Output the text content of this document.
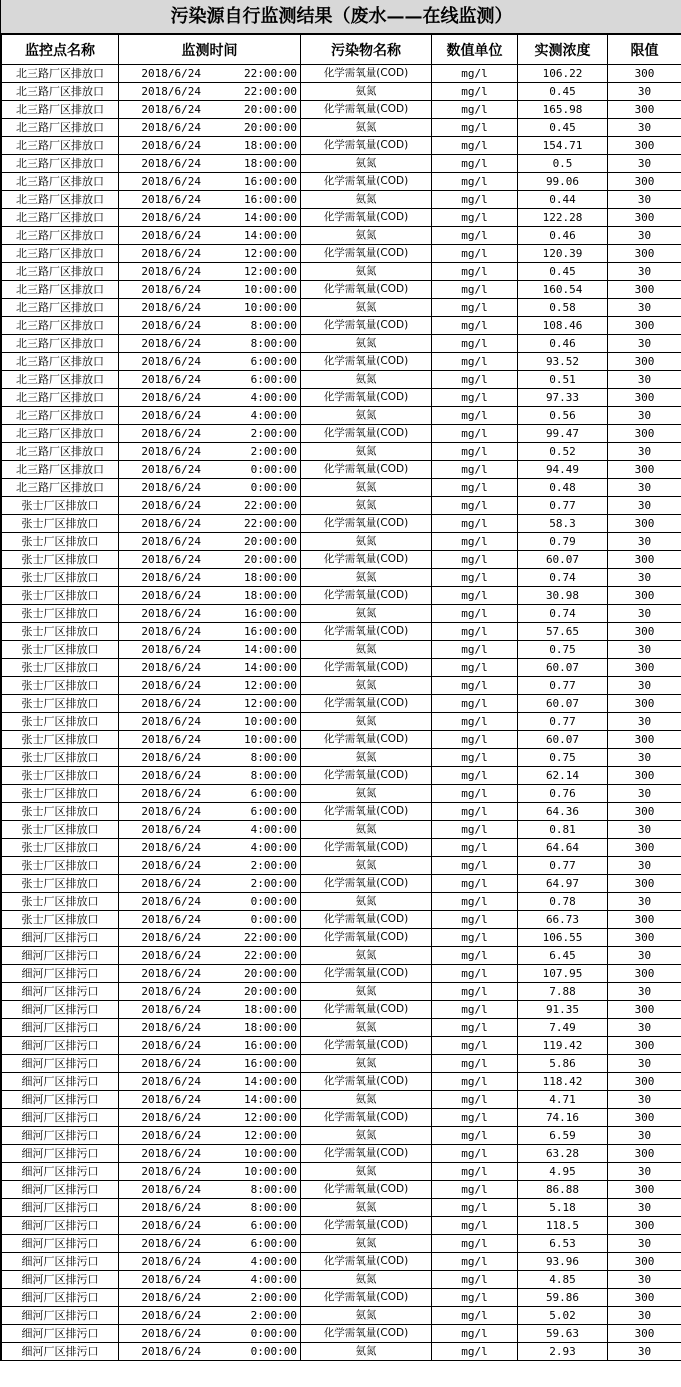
污染源自行监测结果（废水——在线监测）
监控点名称	监测时间	污染物名称	数值单位	实测浓度	限值
北三路厂区排放口	2018/6/24 22:00:00	化学需氧量(COD)	mg/l	106.22	300
北三路厂区排放口	2018/6/24 22:00:00	氨氮	mg/l	0.45	30
北三路厂区排放口	2018/6/24 20:00:00	化学需氧量(COD)	mg/l	165.98	300
北三路厂区排放口	2018/6/24 20:00:00	氨氮	mg/l	0.45	30
北三路厂区排放口	2018/6/24 18:00:00	化学需氧量(COD)	mg/l	154.71	300
北三路厂区排放口	2018/6/24 18:00:00	氨氮	mg/l	0.5	30
北三路厂区排放口	2018/6/24 16:00:00	化学需氧量(COD)	mg/l	99.06	300
北三路厂区排放口	2018/6/24 16:00:00	氨氮	mg/l	0.44	30
北三路厂区排放口	2018/6/24 14:00:00	化学需氧量(COD)	mg/l	122.28	300
北三路厂区排放口	2018/6/24 14:00:00	氨氮	mg/l	0.46	30
北三路厂区排放口	2018/6/24 12:00:00	化学需氧量(COD)	mg/l	120.39	300
北三路厂区排放口	2018/6/24 12:00:00	氨氮	mg/l	0.45	30
北三路厂区排放口	2018/6/24 10:00:00	化学需氧量(COD)	mg/l	160.54	300
北三路厂区排放口	2018/6/24 10:00:00	氨氮	mg/l	0.58	30
北三路厂区排放口	2018/6/24 8:00:00	化学需氧量(COD)	mg/l	108.46	300
北三路厂区排放口	2018/6/24 8:00:00	氨氮	mg/l	0.46	30
北三路厂区排放口	2018/6/24 6:00:00	化学需氧量(COD)	mg/l	93.52	300
北三路厂区排放口	2018/6/24 6:00:00	氨氮	mg/l	0.51	30
北三路厂区排放口	2018/6/24 4:00:00	化学需氧量(COD)	mg/l	97.33	300
北三路厂区排放口	2018/6/24 4:00:00	氨氮	mg/l	0.56	30
北三路厂区排放口	2018/6/24 2:00:00	化学需氧量(COD)	mg/l	99.47	300
北三路厂区排放口	2018/6/24 2:00:00	氨氮	mg/l	0.52	30
北三路厂区排放口	2018/6/24 0:00:00	化学需氧量(COD)	mg/l	94.49	300
北三路厂区排放口	2018/6/24 0:00:00	氨氮	mg/l	0.48	30
张士厂区排放口	2018/6/24 22:00:00	氨氮	mg/l	0.77	30
张士厂区排放口	2018/6/24 22:00:00	化学需氧量(COD)	mg/l	58.3	300
张士厂区排放口	2018/6/24 20:00:00	氨氮	mg/l	0.79	30
张士厂区排放口	2018/6/24 20:00:00	化学需氧量(COD)	mg/l	60.07	300
张士厂区排放口	2018/6/24 18:00:00	氨氮	mg/l	0.74	30
张士厂区排放口	2018/6/24 18:00:00	化学需氧量(COD)	mg/l	30.98	300
张士厂区排放口	2018/6/24 16:00:00	氨氮	mg/l	0.74	30
张士厂区排放口	2018/6/24 16:00:00	化学需氧量(COD)	mg/l	57.65	300
张士厂区排放口	2018/6/24 14:00:00	氨氮	mg/l	0.75	30
张士厂区排放口	2018/6/24 14:00:00	化学需氧量(COD)	mg/l	60.07	300
张士厂区排放口	2018/6/24 12:00:00	氨氮	mg/l	0.77	30
张士厂区排放口	2018/6/24 12:00:00	化学需氧量(COD)	mg/l	60.07	300
张士厂区排放口	2018/6/24 10:00:00	氨氮	mg/l	0.77	30
张士厂区排放口	2018/6/24 10:00:00	化学需氧量(COD)	mg/l	60.07	300
张士厂区排放口	2018/6/24 8:00:00	氨氮	mg/l	0.75	30
张士厂区排放口	2018/6/24 8:00:00	化学需氧量(COD)	mg/l	62.14	300
张士厂区排放口	2018/6/24 6:00:00	氨氮	mg/l	0.76	30
张士厂区排放口	2018/6/24 6:00:00	化学需氧量(COD)	mg/l	64.36	300
张士厂区排放口	2018/6/24 4:00:00	氨氮	mg/l	0.81	30
张士厂区排放口	2018/6/24 4:00:00	化学需氧量(COD)	mg/l	64.64	300
张士厂区排放口	2018/6/24 2:00:00	氨氮	mg/l	0.77	30
张士厂区排放口	2018/6/24 2:00:00	化学需氧量(COD)	mg/l	64.97	300
张士厂区排放口	2018/6/24 0:00:00	氨氮	mg/l	0.78	30
张士厂区排放口	2018/6/24 0:00:00	化学需氧量(COD)	mg/l	66.73	300
细河厂区排污口	2018/6/24 22:00:00	化学需氧量(COD)	mg/l	106.55	300
细河厂区排污口	2018/6/24 22:00:00	氨氮	mg/l	6.45	30
细河厂区排污口	2018/6/24 20:00:00	化学需氧量(COD)	mg/l	107.95	300
细河厂区排污口	2018/6/24 20:00:00	氨氮	mg/l	7.88	30
细河厂区排污口	2018/6/24 18:00:00	化学需氧量(COD)	mg/l	91.35	300
细河厂区排污口	2018/6/24 18:00:00	氨氮	mg/l	7.49	30
细河厂区排污口	2018/6/24 16:00:00	化学需氧量(COD)	mg/l	119.42	300
细河厂区排污口	2018/6/24 16:00:00	氨氮	mg/l	5.86	30
细河厂区排污口	2018/6/24 14:00:00	化学需氧量(COD)	mg/l	118.42	300
细河厂区排污口	2018/6/24 14:00:00	氨氮	mg/l	4.71	30
细河厂区排污口	2018/6/24 12:00:00	化学需氧量(COD)	mg/l	74.16	300
细河厂区排污口	2018/6/24 12:00:00	氨氮	mg/l	6.59	30
细河厂区排污口	2018/6/24 10:00:00	化学需氧量(COD)	mg/l	63.28	300
细河厂区排污口	2018/6/24 10:00:00	氨氮	mg/l	4.95	30
细河厂区排污口	2018/6/24 8:00:00	化学需氧量(COD)	mg/l	86.88	300
细河厂区排污口	2018/6/24 8:00:00	氨氮	mg/l	5.18	30
细河厂区排污口	2018/6/24 6:00:00	化学需氧量(COD)	mg/l	118.5	300
细河厂区排污口	2018/6/24 6:00:00	氨氮	mg/l	6.53	30
细河厂区排污口	2018/6/24 4:00:00	化学需氧量(COD)	mg/l	93.96	300
细河厂区排污口	2018/6/24 4:00:00	氨氮	mg/l	4.85	30
细河厂区排污口	2018/6/24 2:00:00	化学需氧量(COD)	mg/l	59.86	300
细河厂区排污口	2018/6/24 2:00:00	氨氮	mg/l	5.02	30
细河厂区排污口	2018/6/24 0:00:00	化学需氧量(COD)	mg/l	59.63	300
细河厂区排污口	2018/6/24 0:00:00	氨氮	mg/l	2.93	30
